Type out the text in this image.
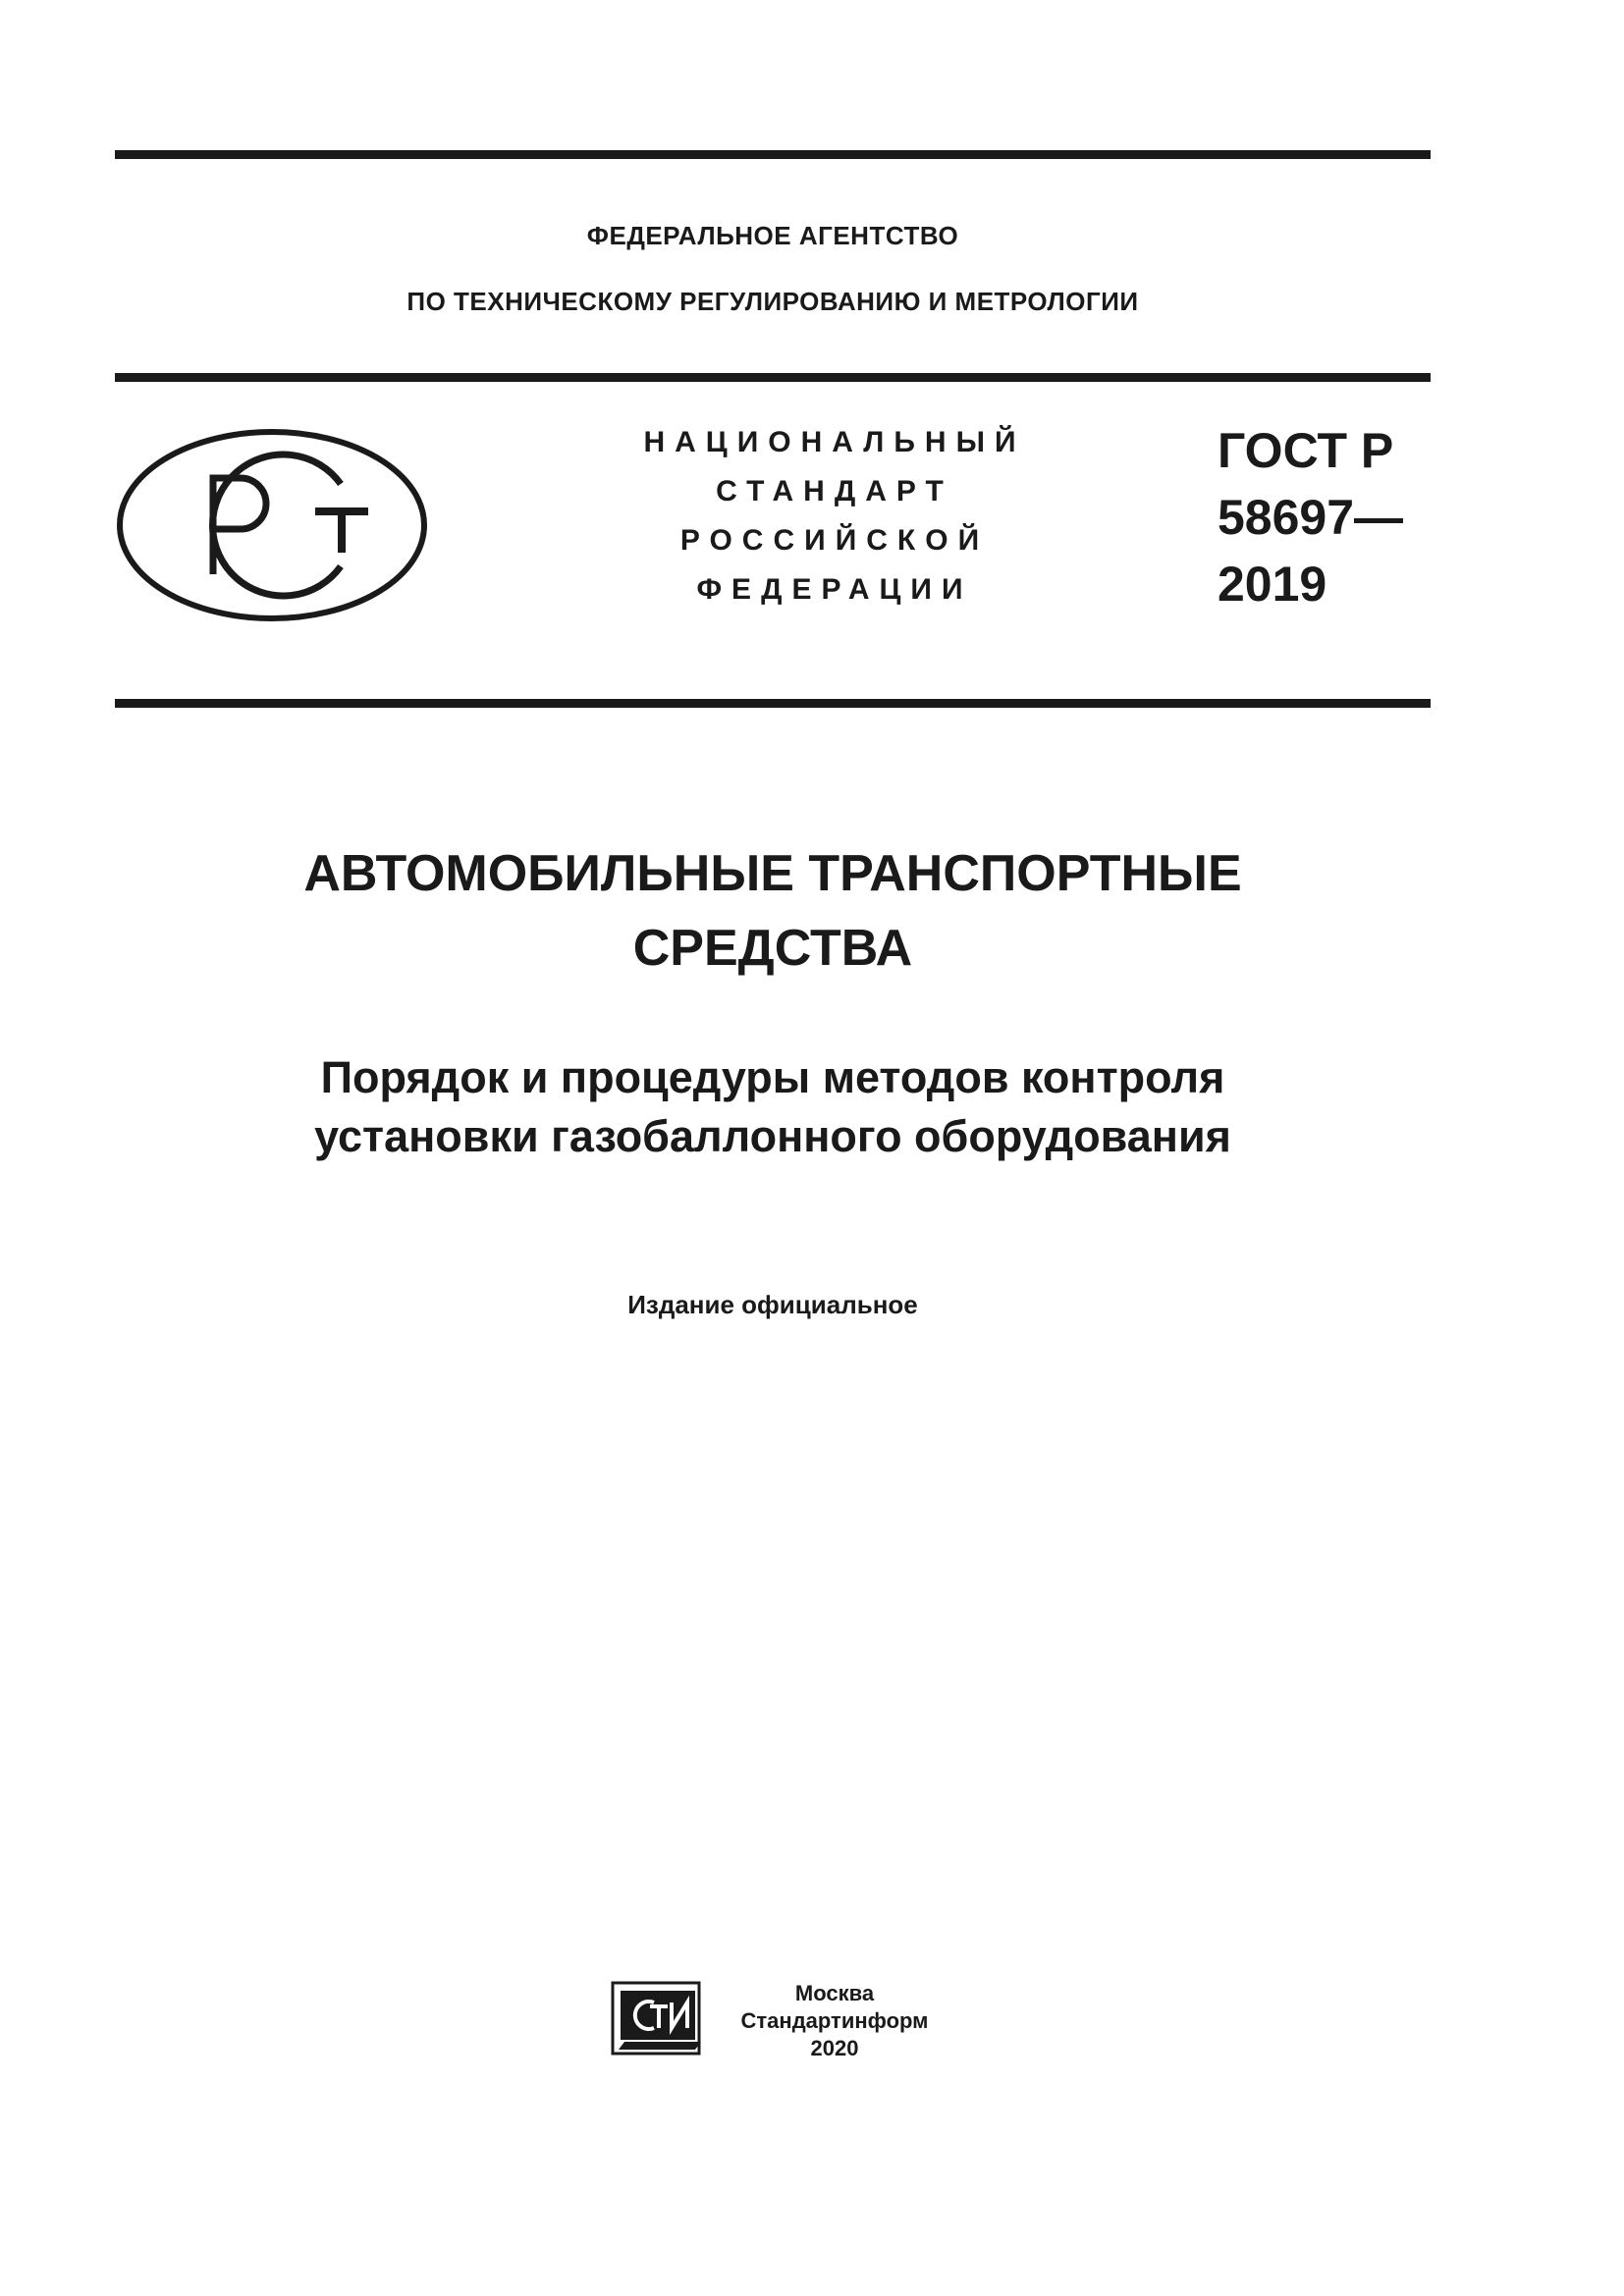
ФЕДЕРАЛЬНОЕ АГЕНТСТВО
ПО ТЕХНИЧЕСКОМУ РЕГУЛИРОВАНИЮ И МЕТРОЛОГИИ
НАЦИОНАЛЬНЫЙ
СТАНДАРТ
РОССИЙСКОЙ
ФЕДЕРАЦИИ
ГОСТ Р
58697—
2019
АВТОМОБИЛЬНЫЕ ТРАНСПОРТНЫЕ
СРЕДСТВА
Порядок и процедуры методов контроля
установки газобаллонного оборудования
Издание официальное
Москва
Стандартинформ
2020
